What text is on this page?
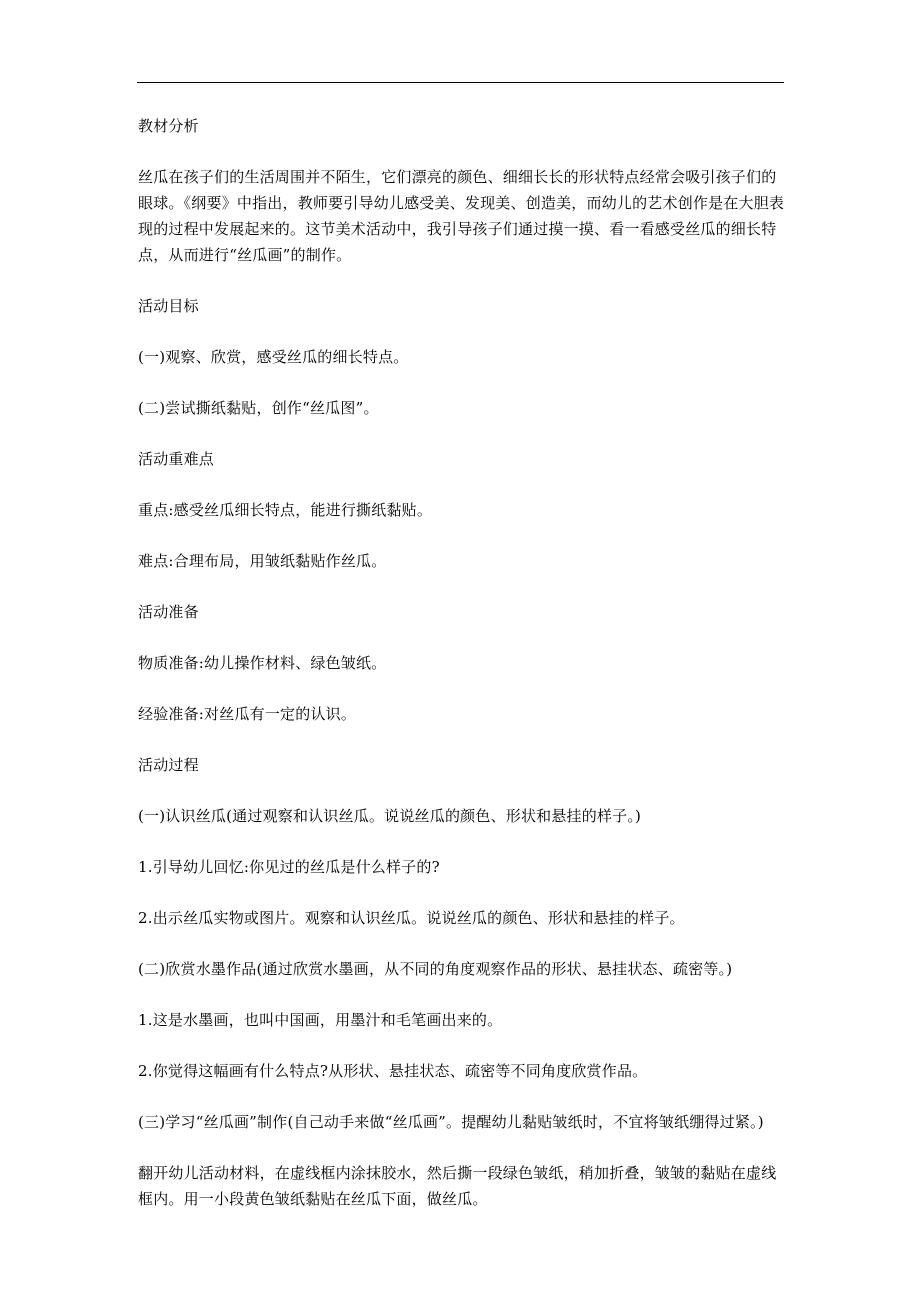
教材分析

丝瓜在孩子们的生活周围并不陌生，它们漂亮的颜色、细细长长的形状特点经常会吸引孩子们的眼球。《纲要》中指出，教师要引导幼儿感受美、发现美、创造美，而幼儿的艺术创作是在大胆表现的过程中发展起来的。这节美术活动中，我引导孩子们通过摸一摸、看一看感受丝瓜的细长特点，从而进行“丝瓜画”的制作。

活动目标

(一)观察、欣赏，感受丝瓜的细长特点。

(二)尝试撕纸黏贴，创作“丝瓜图”。

活动重难点

重点:感受丝瓜细长特点，能进行撕纸黏贴。

难点:合理布局，用皱纸黏贴作丝瓜。

活动准备

物质准备:幼儿操作材料、绿色皱纸。

经验准备:对丝瓜有一定的认识。

活动过程

(一)认识丝瓜(通过观察和认识丝瓜。说说丝瓜的颜色、形状和悬挂的样子。)

1.引导幼儿回忆:你见过的丝瓜是什么样子的?

2.出示丝瓜实物或图片。观察和认识丝瓜。说说丝瓜的颜色、形状和悬挂的样子。

(二)欣赏水墨作品(通过欣赏水墨画，从不同的角度观察作品的形状、悬挂状态、疏密等。)

1.这是水墨画，也叫中国画，用墨汁和毛笔画出来的。

2.你觉得这幅画有什么特点?从形状、悬挂状态、疏密等不同角度欣赏作品。

(三)学习“丝瓜画”制作(自己动手来做“丝瓜画”。提醒幼儿黏贴皱纸时，不宜将皱纸绷得过紧。)

翻开幼儿活动材料，在虚线框内涂抹胶水，然后撕一段绿色皱纸，稍加折叠，皱皱的黏贴在虚线框内。用一小段黄色皱纸黏贴在丝瓜下面，做丝瓜。
